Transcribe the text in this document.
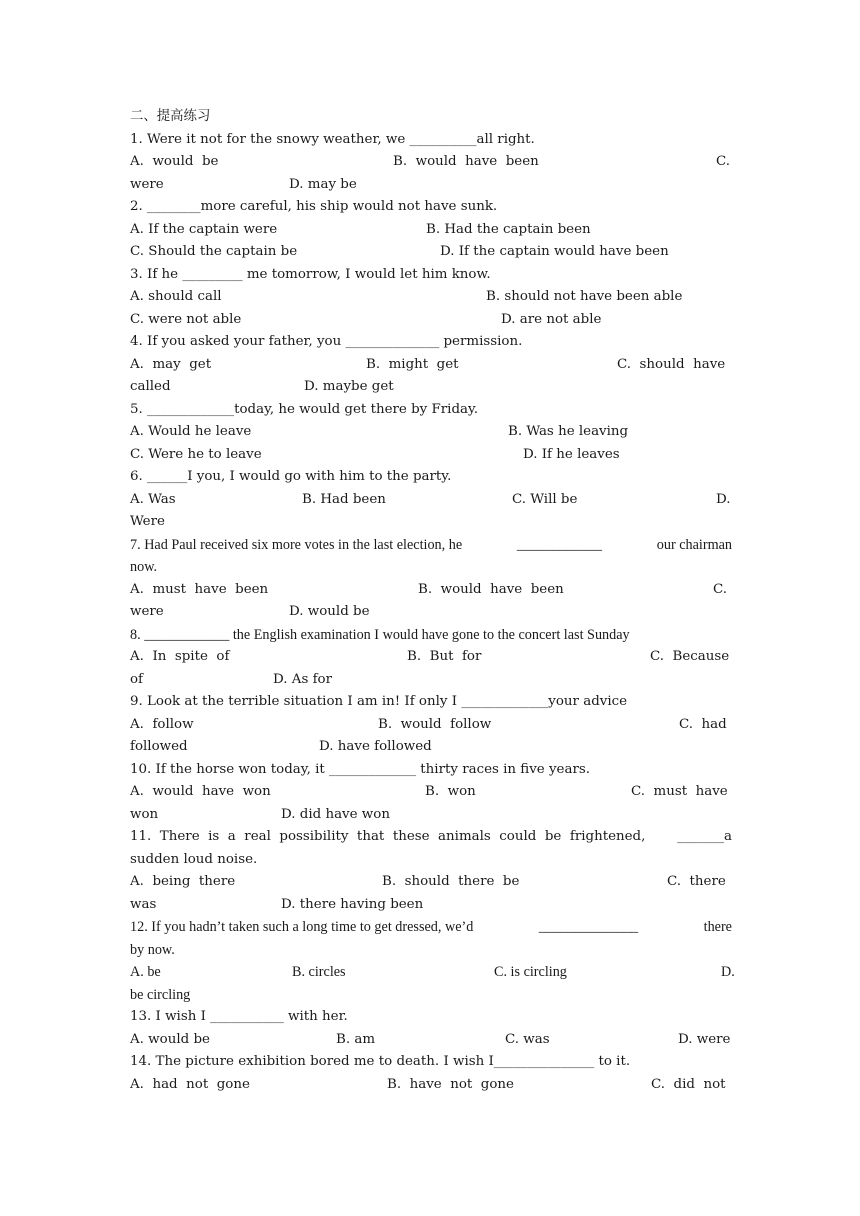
二、提高练习
1. Were it not for the snowy weather, we __________all right.

A.  would  be

	B.  would  have  been

	C.

were

	D. may be

2. ________more careful, his ship would not have sunk.

A. If the captain were

	B. Had the captain been

C. Should the captain be

	D. If the captain would have been

3. If he _________ me tomorrow, I would let him know.

A. should call

	B. should not have been able

C. were not able

	D. are not able

4. If you asked your father, you ______________ permission.

A.  may  get

	B.  might  get

	C.  should  have

called

	D. maybe get

5. _____________today, he would get there by Friday.

A. Would he leave

	B. Was he leaving

C. Were he to leave

	D. If he leaves

6. ______I you, I would go with him to the party.

A. Was

	B. Had been

	C. Will be

	D.

Were
7. Had Paul received six more votes in the last election, he	____________	our chairman
now.

A.  must  have  been

	B.  would  have  been

	C.

were

	D. would be

8. ____________ the English examination I would have gone to the concert last Sunday

A.  In  spite  of

	B.  But  for

	C.  Because

of

	D. As for

9. Look at the terrible situation I am in! If only I _____________your advice

A.  follow

	B.  would  follow

	C.  had

followed

	D. have followed

10. If the horse won today, it _____________ thirty races in five years.

A.  would  have  won

	B.  won

	C.  must  have

won

	D. did have won

11.  There  is  a  real  possibility  that  these  animals  could  be  frightened, _______a
sudden loud noise.

A.  being  there

	B.  should  there  be

	C.  there

was

	D. there having been

12. If you hadn’t taken such a long time to get dressed, we’d	______________	there
by now.

A. be

	B. circles

	C. is circling

	D.

be circling
13. I wish I ___________ with her.

A. would be

	B. am

	C. was

	D. were

14. The picture exhibition bored me to death. I wish I_______________ to it.

A.  had  not  gone

	B.  have  not  gone

	C.  did  not
